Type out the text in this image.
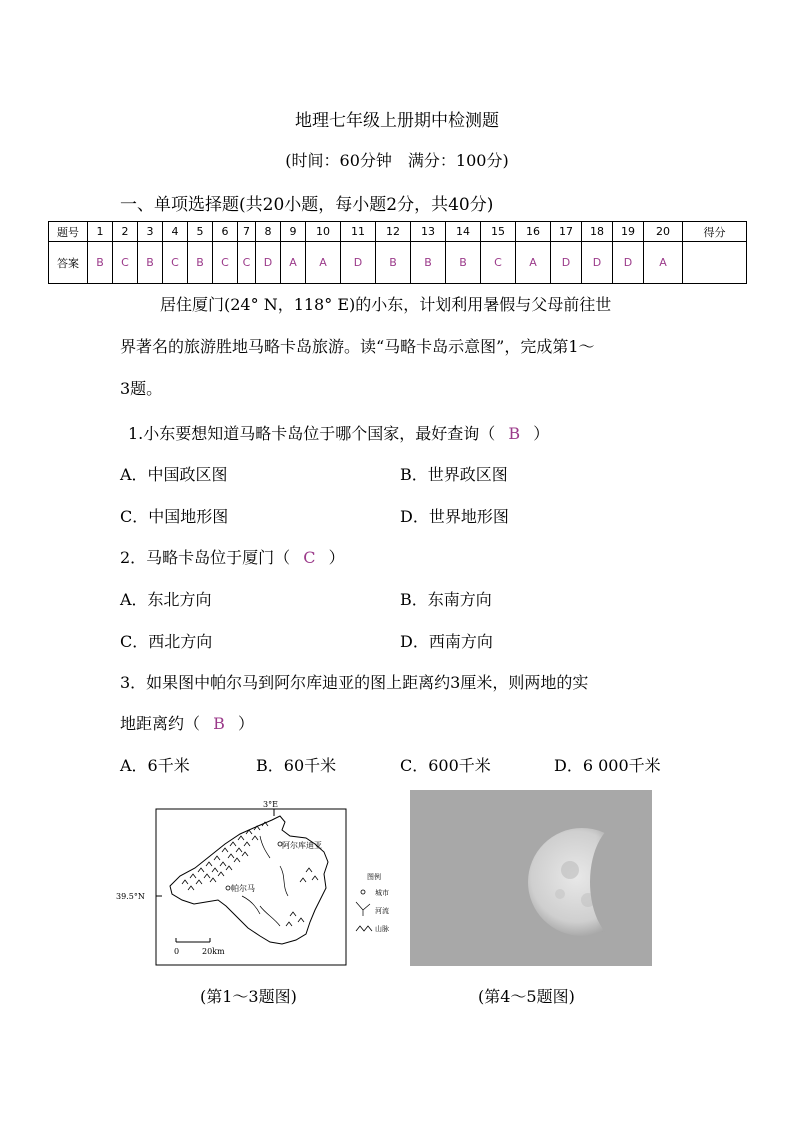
地理七年级上册期中检测题
(时间：60分钟　满分：100分)
一、单项选择题(共20小题，每小题2分，共40分)
题号	1	2	3	4	5	6	7	8	9	10	11	12	13	14	15	16	17	18	19	20	得分
答案	B	C	B	C	B	C	C	D	A	A	D	B	B	B	C	A	D	D	D	A	
居住厦门(24° N，118° E)的小东，计划利用暑假与父母前往世
界著名的旅游胜地马略卡岛旅游。读“马略卡岛示意图”，完成第1～
3题。
1.小东要想知道马略卡岛位于哪个国家，最好查询（ B ）
A．中国政区图	B．世界政区图
C．中国地形图	D．世界地形图
2．马略卡岛位于厦门（ C ）
A．东北方向	B．东南方向
C．西北方向	D．西南方向
3．如果图中帕尔马到阿尔库迪亚的图上距离约3厘米，则两地的实
地距离约（ B ）
A．6千米	B．60千米	C．600千米	D．6 000千米
3°E
39.5°N
阿尔库迪亚
帕尔马
图例
城市
河流
山脉
0	20km
(第1～3题图)	(第4～5题图)
